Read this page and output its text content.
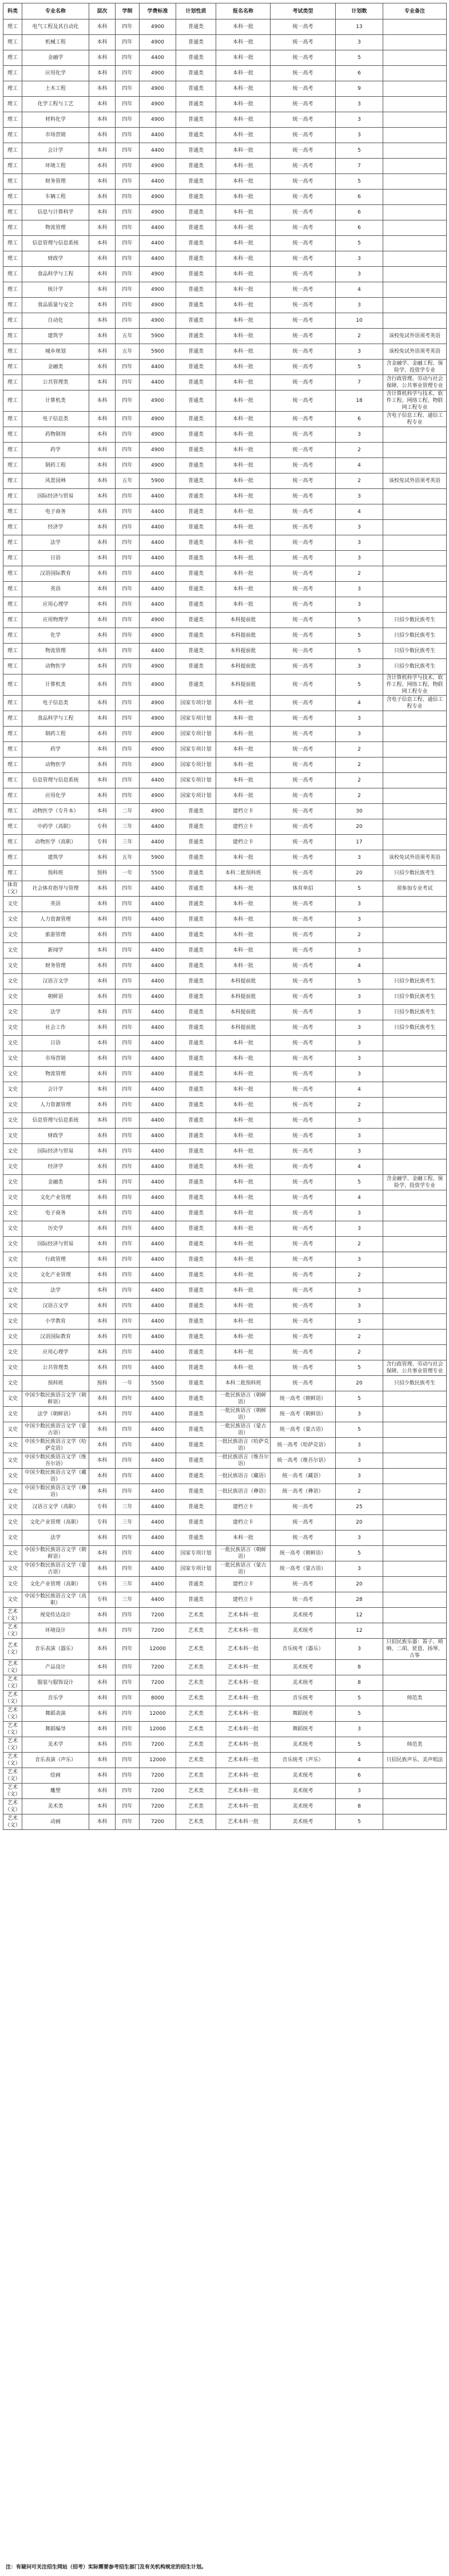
科类	专业名称	层次	学制	学费标准	计划性质	报名名称	考试类型	计划数	专业备注
理工	电气工程及其自动化	本科	四年	4900	普通类	本科一批	统一高考	13	
理工	机械工程	本科	四年	4900	普通类	本科一批	统一高考	3	
理工	金融学	本科	四年	4400	普通类	本科一批	统一高考	5	
理工	应用化学	本科	四年	4900	普通类	本科一批	统一高考	6	
理工	土木工程	本科	四年	4900	普通类	本科一批	统一高考	9	
理工	化学工程与工艺	本科	四年	4900	普通类	本科一批	统一高考	3	
理工	材料化学	本科	四年	4900	普通类	本科一批	统一高考	3	
理工	市场营销	本科	四年	4400	普通类	本科一批	统一高考	3	
理工	会计学	本科	四年	4400	普通类	本科一批	统一高考	5	
理工	环境工程	本科	四年	4900	普通类	本科一批	统一高考	7	
理工	财务管理	本科	四年	4400	普通类	本科一批	统一高考	5	
理工	车辆工程	本科	四年	4900	普通类	本科一批	统一高考	6	
理工	信息与计算科学	本科	四年	4900	普通类	本科一批	统一高考	6	
理工	物流管理	本科	四年	4400	普通类	本科一批	统一高考	6	
理工	信息管理与信息系统	本科	四年	4400	普通类	本科一批	统一高考	5	
理工	财政学	本科	四年	4400	普通类	本科一批	统一高考	3	
理工	食品科学与工程	本科	四年	4900	普通类	本科一批	统一高考	3	
理工	统计学	本科	四年	4900	普通类	本科一批	统一高考	4	
理工	食品质量与安全	本科	四年	4900	普通类	本科一批	统一高考	3	
理工	自动化	本科	四年	4900	普通类	本科一批	统一高考	10	
理工	建筑学	本科	五年	5900	普通类	本科一批	统一高考	2	该校免试外语须考英语
理工	城乡规划	本科	五年	5900	普通类	本科一批	统一高考	3	该校免试外语须考英语
理工	金融类	本科	四年	4400	普通类	本科一批	统一高考	5	含金融学、金融工程、保险学、投资学专业
理工	公共管理类	本科	四年	4400	普通类	本科一批	统一高考	7	含行政管理、劳动与社会保障、公共事业管理专业
理工	计算机类	本科	四年	4900	普通类	本科一批	统一高考	18	含计算机科学与技术、软件工程、网络工程、物联网工程专业
理工	电子信息类	本科	四年	4900	普通类	本科一批	统一高考	6	含电子信息工程、通信工程专业
理工	药物制剂	本科	四年	4900	普通类	本科一批	统一高考	3	
理工	药学	本科	四年	4900	普通类	本科一批	统一高考	2	
理工	制药工程	本科	四年	4900	普通类	本科一批	统一高考	4	
理工	风景园林	本科	五年	5900	普通类	本科一批	统一高考	2	该校免试外语须考英语
理工	国际经济与贸易	本科	四年	4400	普通类	本科一批	统一高考	3	
理工	电子商务	本科	四年	4400	普通类	本科一批	统一高考	4	
理工	经济学	本科	四年	4400	普通类	本科一批	统一高考	3	
理工	法学	本科	四年	4400	普通类	本科一批	统一高考	3	
理工	日语	本科	四年	4400	普通类	本科一批	统一高考	3	
理工	汉语国际教育	本科	四年	4400	普通类	本科一批	统一高考	2	
理工	英语	本科	四年	4400	普通类	本科一批	统一高考	3	
理工	应用心理学	本科	四年	4400	普通类	本科一批	统一高考	3	
理工	应用物理学	本科	四年	4900	普通类	本科提前批	统一高考	5	只招少数民族考生
理工	化学	本科	四年	4900	普通类	本科提前批	统一高考	5	只招少数民族考生
理工	物流管理	本科	四年	4400	普通类	本科提前批	统一高考	5	只招少数民族考生
理工	动物医学	本科	四年	4900	普通类	本科提前批	统一高考	3	只招少数民族考生
理工	计算机类	本科	四年	4900	普通类	本科提前批	统一高考	5	含计算机科学与技术、软件工程、网络工程、物联网工程专业
理工	电子信息类	本科	四年	4900	国家专项计划	本科一批	统一高考	4	含电子信息工程、通信工程专业
理工	食品科学与工程	本科	四年	4900	国家专项计划	本科一批	统一高考	3	
理工	制药工程	本科	四年	4900	国家专项计划	本科一批	统一高考	3	
理工	药学	本科	四年	4900	国家专项计划	本科一批	统一高考	2	
理工	动物医学	本科	四年	4900	国家专项计划	本科一批	统一高考	2	
理工	信息管理与信息系统	本科	四年	4400	国家专项计划	本科一批	统一高考	2	
理工	应用化学	本科	四年	4900	国家专项计划	本科一批	统一高考	2	
理工	动物医学（专升本）	本科	二年	4900	普通类	建档立卡	统一高考	30	
理工	中药学（高职）	专科	三年	4400	普通类	建档立卡	统一高考	20	
理工	动物医学（高职）	专科	三年	4400	普通类	建档立卡	统一高考	17	
理工	建筑学	本科	五年	5900	普通类	本科一批	统一高考	3	该校免试外语须考英语
理工	预科班	预科	一年	5500	普通类	本科二批预科班	统一高考	20	只招少数民族考生
体育（文）	社会体育指导与管理	本科	四年	4400	普通类	本科一批	体育单招	5	须参加专业考试
文史	英语	本科	四年	4400	普通类	本科一批	统一高考	3	
文史	人力资源管理	本科	四年	4400	普通类	本科一批	统一高考	3	
文史	旅游管理	本科	四年	4400	普通类	本科一批	统一高考	2	
文史	新闻学	本科	四年	4400	普通类	本科一批	统一高考	3	
文史	财务管理	本科	四年	4400	普通类	本科一批	统一高考	4	
文史	汉语言文学	本科	四年	4400	普通类	本科提前批	统一高考	5	只招少数民族考生
文史	朝鲜语	本科	四年	4400	普通类	本科提前批	统一高考	3	只招少数民族考生
文史	法学	本科	四年	4400	普通类	本科提前批	统一高考	3	只招少数民族考生
文史	社会工作	本科	四年	4400	普通类	本科提前批	统一高考	3	只招少数民族考生
文史	日语	本科	四年	4400	普通类	本科一批	统一高考	3	
文史	市场营销	本科	四年	4400	普通类	本科一批	统一高考	3	
文史	物流管理	本科	四年	4400	普通类	本科一批	统一高考	3	
文史	会计学	本科	四年	4400	普通类	本科一批	统一高考	4	
文史	人力资源管理	本科	四年	4400	普通类	本科一批	统一高考	2	
文史	信息管理与信息系统	本科	四年	4400	普通类	本科一批	统一高考	3	
文史	财政学	本科	四年	4400	普通类	本科一批	统一高考	3	
文史	国际经济与贸易	本科	四年	4400	普通类	本科一批	统一高考	3	
文史	经济学	本科	四年	4400	普通类	本科一批	统一高考	4	
文史	金融类	本科	四年	4400	普通类	本科一批	统一高考	5	含金融学、金融工程、保险学、投资学专业
文史	文化产业管理	本科	四年	4400	普通类	本科一批	统一高考	4	
文史	电子商务	本科	四年	4400	普通类	本科一批	统一高考	3	
文史	历史学	本科	四年	4400	普通类	本科一批	统一高考	3	
文史	国际经济与贸易	本科	四年	4400	普通类	本科一批	统一高考	2	
文史	行政管理	本科	四年	4400	普通类	本科一批	统一高考	3	
文史	文化产业管理	本科	四年	4400	普通类	本科一批	统一高考	2	
文史	法学	本科	四年	4400	普通类	本科一批	统一高考	3	
文史	汉语言文学	本科	四年	4400	普通类	本科一批	统一高考	3	
文史	小学教育	本科	四年	4400	普通类	本科一批	统一高考	3	
文史	汉语国际教育	本科	四年	4400	普通类	本科一批	统一高考	2	
文史	应用心理学	本科	四年	4400	普通类	本科一批	统一高考	2	
文史	公共管理类	本科	四年	4400	普通类	本科一批	统一高考	5	含行政管理、劳动与社会保障、公共事业管理专业
文史	预科班	预科	一年	5500	普通类	本科二批预科班	统一高考	20	只招少数民族考生
文史	中国少数民族语言文学（朝鲜语）	本科	四年	4400	普通类	一批民族语言（朝鲜语）	统一高考（朝鲜语）	5	
文史	法学（朝鲜语）	本科	四年	4400	普通类	一批民族语言（朝鲜语）	统一高考（朝鲜语）	3	
文史	中国少数民族语言文学（蒙古语）	本科	四年	4400	普通类	一批民族语言（蒙古语）	统一高考（蒙古语）	5	
文史	中国少数民族语言文学（哈萨克语）	本科	四年	4400	普通类	一批民族语言（哈萨克语）	统一高考（哈萨克语）	3	
文史	中国少数民族语言文学（维吾尔语）	本科	四年	4400	普通类	一批民族语言（维吾尔语）	统一高考（维吾尔语）	3	
文史	中国少数民族语言文学（藏语）	本科	四年	4400	普通类	一批民族语言（藏语）	统一高考（藏语）	3	
文史	中国少数民族语言文学（彝语）	本科	四年	4400	普通类	一批民族语言（彝语）	统一高考（彝语）	2	
文史	汉语言文学（高职）	专科	三年	4400	普通类	建档立卡	统一高考	25	
文史	文化产业管理（高职）	专科	三年	4400	普通类	建档立卡	统一高考	20	
文史	法学	本科	四年	4400	普通类	本科一批	统一高考	3	
文史	中国少数民族语言文学（朝鲜语）	本科	四年	4400	国家专项计划	一批民族语言（朝鲜语）	统一高考（朝鲜语）	5	
文史	中国少数民族语言文学（蒙古语）	本科	四年	4400	国家专项计划	一批民族语言（蒙古语）	统一高考（蒙古语）	3	
文史	文化产业管理（高职）	专科	三年	4400	普通类	建档立卡	统一高考	20	
文史	中国少数民族语言文学（高职）	专科	三年	4400	普通类	建档立卡	统一高考	28	
艺术（文）	视觉传达设计	本科	四年	7200	艺术类	艺术本科一批	美术统考	12	
艺术（文）	环境设计	本科	四年	7200	艺术类	艺术本科一批	美术统考	12	
艺术（文）	音乐表演（器乐）	本科	四年	12000	艺术类	艺术本科一批	音乐统考（器乐）	3	只招民族乐器：笛子、唢呐、二胡、琵琶、扬琴、古筝
艺术（文）	产品设计	本科	四年	7200	艺术类	艺术本科一批	美术统考	8	
艺术（文）	服装与服饰设计	本科	四年	7200	艺术类	艺术本科一批	美术统考	8	
艺术（文）	音乐学	本科	四年	8000	艺术类	艺术本科一批	音乐统考	5	师范类
艺术（文）	舞蹈表演	本科	四年	12000	艺术类	艺术本科一批	舞蹈统考	5	
艺术（文）	舞蹈编导	本科	四年	12000	艺术类	艺术本科一批	舞蹈统考	3	
艺术（文）	美术学	本科	四年	7200	艺术类	艺术本科一批	美术统考	5	师范类
艺术（文）	音乐表演（声乐）	本科	四年	12000	艺术类	艺术本科一批	音乐统考（声乐）	4	只招民族声乐、美声唱法
艺术（文）	绘画	本科	四年	7200	艺术类	艺术本科一批	美术统考	6	
艺术（文）	雕塑	本科	四年	7200	艺术类	艺术本科一批	美术统考	3	
艺术（文）	美术类	本科	四年	7200	艺术类	艺术本科一批	美术统考	8	
艺术（文）	动画	本科	四年	7200	艺术类	艺术本科一批	美术统考	5	
注：有疑问可关注招生网站（招考）实际需要参考招生部门及有关机构规定的招生计划。
